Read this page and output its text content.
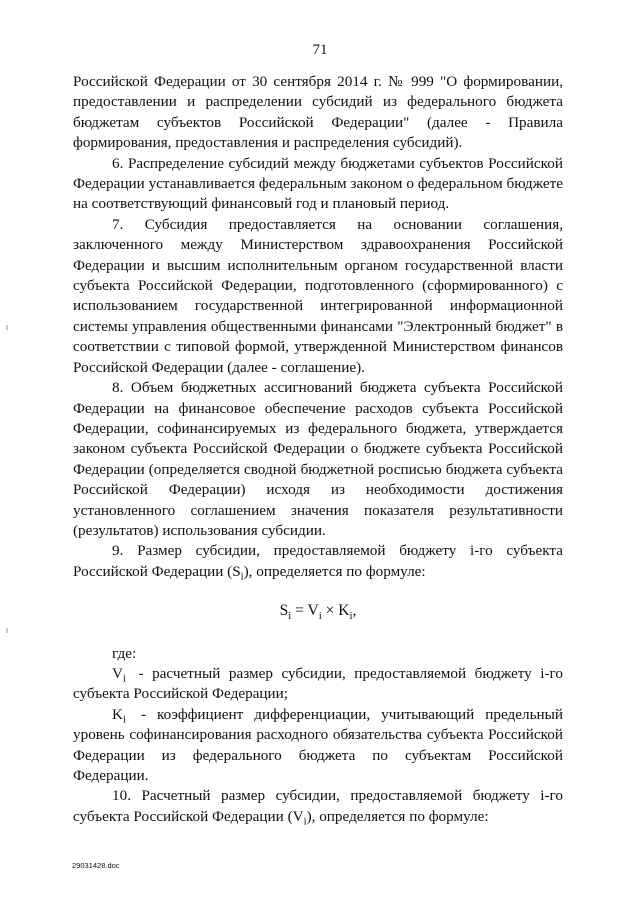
71

Российской Федерации от 30 сентября 2014 г. № 999 "О формировании, предоставлении и распределении субсидий из федерального бюджета бюджетам субъектов Российской Федерации" (далее - Правила формирования, предоставления и распределения субсидий).

6. Распределение субсидий между бюджетами субъектов Российской Федерации устанавливается федеральным законом о федеральном бюджете на соответствующий финансовый год и плановый период.

7. Субсидия предоставляется на основании соглашения, заключенного между Министерством здравоохранения Российской Федерации и высшим исполнительным органом государственной власти субъекта Российской Федерации, подготовленного (сформированного) с использованием государственной интегрированной информационной системы управления общественными финансами "Электронный бюджет" в соответствии с типовой формой, утвержденной Министерством финансов Российской Федерации (далее - соглашение).

8. Объем бюджетных ассигнований бюджета субъекта Российской Федерации на финансовое обеспечение расходов субъекта Российской Федерации, софинансируемых из федерального бюджета, утверждается законом субъекта Российской Федерации о бюджете субъекта Российской Федерации (определяется сводной бюджетной росписью бюджета субъекта Российской Федерации) исходя из необходимости достижения установленного соглашением значения показателя результативности (результатов) использования субсидии.

9. Размер субсидии, предоставляемой бюджету i-го субъекта Российской Федерации $(S_i)$, определяется по формуле:

$S_i = V_i \times K_i$,

где:

$V_i$ - расчетный размер субсидии, предоставляемой бюджету i-го субъекта Российской Федерации;

$K_i$ - коэффициент дифференциации, учитывающий предельный уровень софинансирования расходного обязательства субъекта Российской Федерации из федерального бюджета по субъектам Российской Федерации.

10. Расчетный размер субсидии, предоставляемой бюджету i-го субъекта Российской Федерации $(V_i)$, определяется по формуле:

29031428.doc
